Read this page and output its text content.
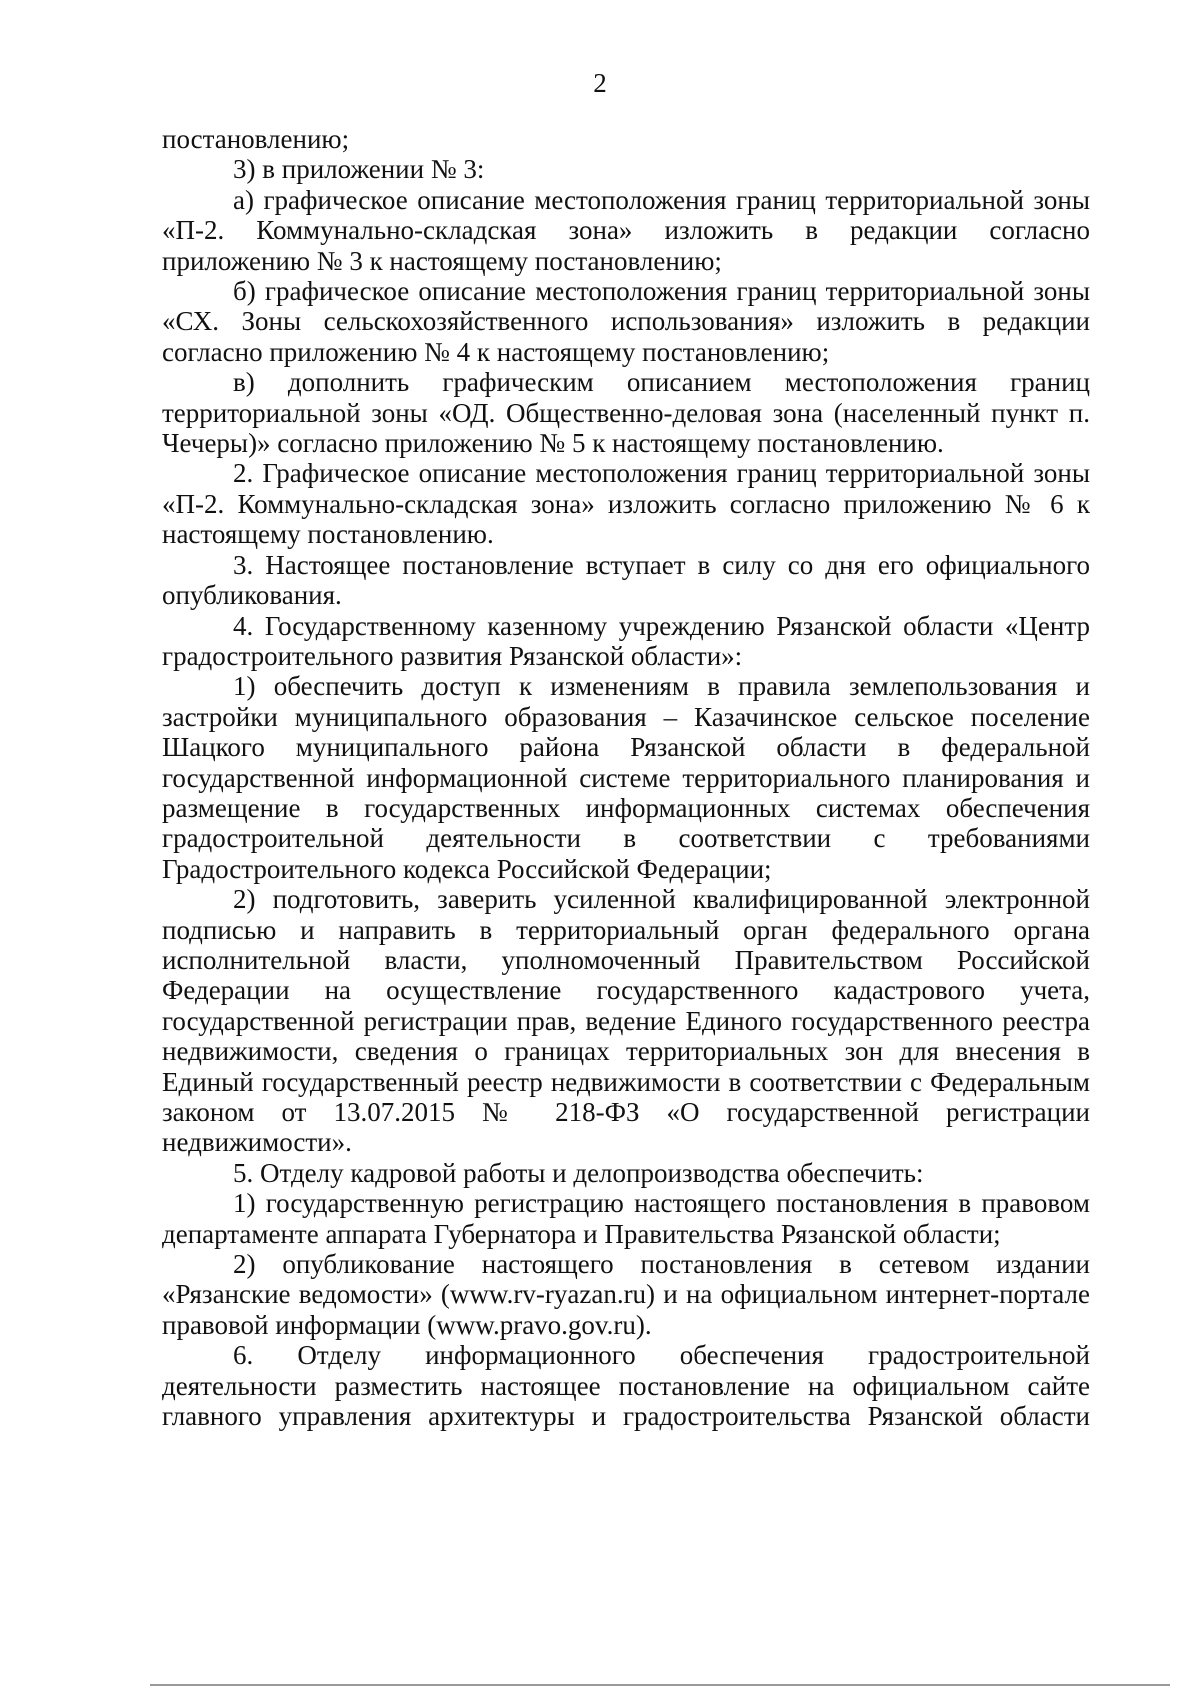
2

постановлению;

3) в приложении № 3:

а) графическое описание местоположения границ территориальной зоны «П-2. Коммунально-складская зона» изложить в редакции согласно приложению № 3 к настоящему постановлению;

б) графическое описание местоположения границ территориальной зоны «СХ. Зоны сельскохозяйственного использования» изложить в редакции согласно приложению № 4 к настоящему постановлению;

в) дополнить графическим описанием местоположения границ территориальной зоны «ОД. Общественно-деловая зона (населенный пункт п. Чечеры)» согласно приложению № 5 к настоящему постановлению.

2. Графическое описание местоположения границ территориальной зоны «П-2. Коммунально-складская зона» изложить согласно приложению № 6 к настоящему постановлению.

3. Настоящее постановление вступает в силу со дня его официального опубликования.

4. Государственному казенному учреждению Рязанской области «Центр градостроительного развития Рязанской области»:

1) обеспечить доступ к изменениям в правила землепользования и застройки муниципального образования – Казачинское сельское поселение Шацкого муниципального района Рязанской области в федеральной государственной информационной системе территориального планирования и размещение в государственных информационных системах обеспечения градостроительной деятельности в соответствии с требованиями Градостроительного кодекса Российской Федерации;

2) подготовить, заверить усиленной квалифицированной электронной подписью и направить в территориальный орган федерального органа исполнительной власти, уполномоченный Правительством Российской Федерации на осуществление государственного кадастрового учета, государственной регистрации прав, ведение Единого государственного реестра недвижимости, сведения о границах территориальных зон для внесения в Единый государственный реестр недвижимости в соответствии с Федеральным законом от 13.07.2015 № 218-ФЗ «О государственной регистрации недвижимости».

5. Отделу кадровой работы и делопроизводства обеспечить:

1) государственную регистрацию настоящего постановления в правовом департаменте аппарата Губернатора и Правительства Рязанской области;

2) опубликование настоящего постановления в сетевом издании «Рязанские ведомости» (www.rv-ryazan.ru) и на официальном интернет-портале правовой информации (www.pravo.gov.ru).

6. Отделу информационного обеспечения градостроительной деятельности разместить настоящее постановление на официальном сайте главного управления архитектуры и градостроительства Рязанской области
